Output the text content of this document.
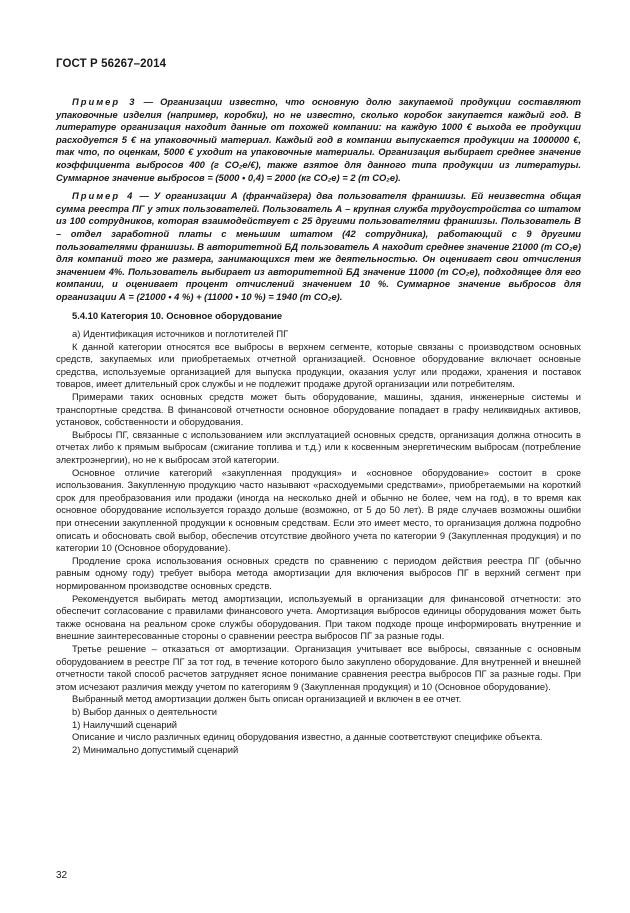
ГОСТ Р 56267–2014

Пример 3 — Организации известно, что основную долю закупаемой продукции составляют упаковочные изделия (например, коробки), но не известно, сколько коробок закупается каждый год. В литературе организация находит данные от похожей компании: на каждую 1000 € выхода ее продукции расходуется 5 € на упаковочный материал. Каждый год в компании выпускается продукции на 1000000 €, так что, по оценкам, 5000 € уходит на упаковочные материалы. Организация выбирает среднее значение коэффициента выбросов 400 (г CO₂e/€), также взятое для данного типа продукции из литературы. Суммарное значение выбросов = (5000 • 0,4) = 2000 (кг CO₂e) = 2 (т CO₂e).

Пример 4 — У организации А (франчайзера) два пользователя франшизы. Ей неизвестна общая сумма реестра ПГ у этих пользователей. Пользователь А – крупная служба трудоустройства со штатом из 100 сотрудников, которая взаимодействует с 25 другими пользователями франшизы. Пользователь В – отдел заработной платы с меньшим штатом (42 сотрудника), работающий с 9 другими пользователями франшизы. В авторитетной БД пользователь А находит среднее значение 21000 (т CO₂e) для компаний того же размера, занимающихся тем же деятельностью. Он оценивает свои отчисления значением 4%. Пользователь выбирает из авторитетной БД значение 11000 (т CO₂e), подходящее для его компании, и оценивает процент отчислений значением 10 %. Суммарное значение выбросов для организации А = (21000 • 4 %) + (11000 • 10 %) = 1940 (т CO₂e).

5.4.10 Категория 10. Основное оборудование

а) Идентификация источников и поглотителей ПГ

К данной категории относятся все выбросы в верхнем сегменте, которые связаны с производством основных средств, закупаемых или приобретаемых отчетной организацией. Основное оборудование включает основные средства, используемые организацией для выпуска продукции, оказания услуг или продажи, хранения и поставок товаров, имеет длительный срок службы и не подлежит продаже другой организации или потребителям.

Примерами таких основных средств может быть оборудование, машины, здания, инженерные системы и транспортные средства. В финансовой отчетности основное оборудование попадает в графу неликвидных активов, установок, собственности и оборудования.

Выбросы ПГ, связанные с использованием или эксплуатацией основных средств, организация должна относить в отчетах либо к прямым выбросам (сжигание топлива и т.д.) или к косвенным энергетическим выбросам (потребление электроэнергии), но не к выбросам этой категории.

Основное отличие категорий «закупленная продукция» и «основное оборудование» состоит в сроке использования. Закупленную продукцию часто называют «расходуемыми средствами», приобретаемыми на короткий срок для преобразования или продажи (иногда на несколько дней и обычно не более, чем на год), в то время как основное оборудование используется гораздо дольше (возможно, от 5 до 50 лет). В ряде случаев возможны ошибки при отнесении закупленной продукции к основным средствам. Если это имеет место, то организация должна подробно описать и обосновать свой выбор, обеспечив отсутствие двойного учета по категории 9 (Закупленная продукция) и по категории 10 (Основное оборудование).

Продление срока использования основных средств по сравнению с периодом действия реестра ПГ (обычно равным одному году) требует выбора метода амортизации для включения выбросов ПГ в верхний сегмент при нормированном производстве основных средств.

Рекомендуется выбирать метод амортизации, используемый в организации для финансовой отчетности: это обеспечит согласование с правилами финансового учета. Амортизация выбросов единицы оборудования может быть также основана на реальном сроке службы оборудования. При таком подходе проще информировать внутренние и внешние заинтересованные стороны о сравнении реестра выбросов ПГ за разные годы.

Третье решение – отказаться от амортизации. Организация учитывает все выбросы, связанные с основным оборудованием в реестре ПГ за тот год, в течение которого было закуплено оборудование. Для внутренней и внешней отчетности такой способ расчетов затрудняет ясное понимание сравнения реестра выбросов ПГ за разные годы. При этом исчезают различия между учетом по категориям 9 (Закупленная продукция) и 10 (Основное оборудование).

Выбранный метод амортизации должен быть описан организацией и включен в ее отчет.

b) Выбор данных о деятельности

1) Наилучший сценарий

Описание и число различных единиц оборудования известно, а данные соответствуют специфике объекта.

2) Минимально допустимый сценарий

32
